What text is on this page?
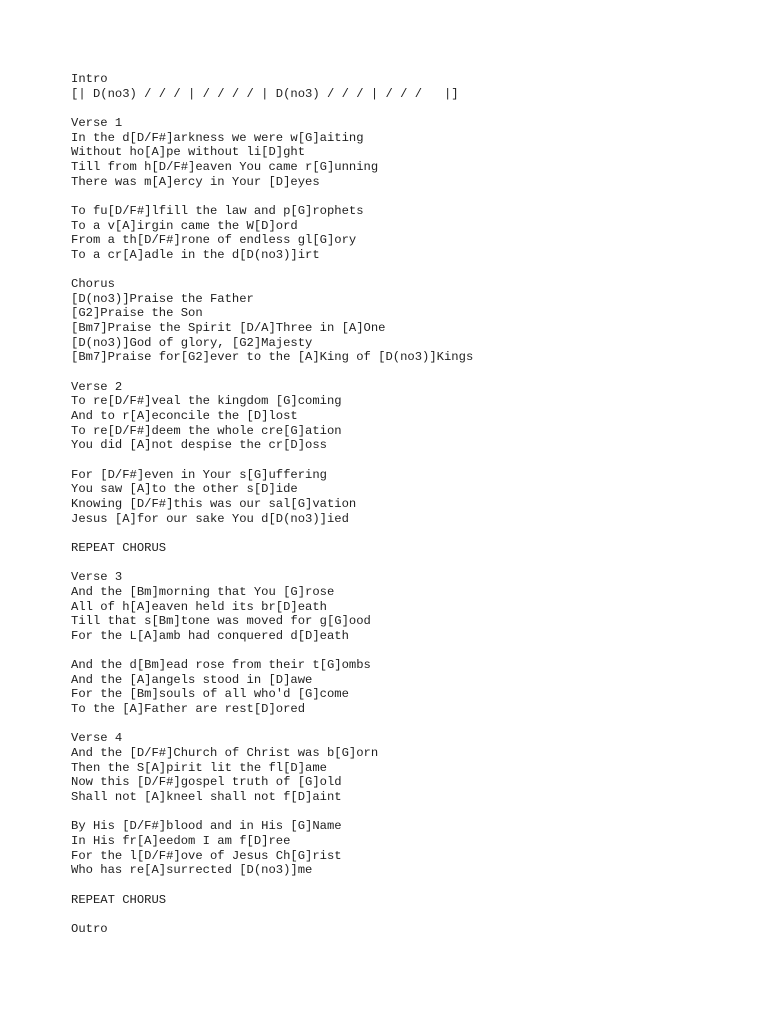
Intro
[| D(no3) / / / | / / / / | D(no3) / / / | / / /   |]
Verse 1
In the d[D/F#]arkness we were w[G]aiting
Without ho[A]pe without li[D]ght
Till from h[D/F#]eaven You came r[G]unning
There was m[A]ercy in Your [D]eyes
To fu[D/F#]lfill the law and p[G]rophets
To a v[A]irgin came the W[D]ord
From a th[D/F#]rone of endless gl[G]ory
To a cr[A]adle in the d[D(no3)]irt
Chorus
[D(no3)]Praise the Father
[G2]Praise the Son
[Bm7]Praise the Spirit [D/A]Three in [A]One
[D(no3)]God of glory, [G2]Majesty
[Bm7]Praise for[G2]ever to the [A]King of [D(no3)]Kings
Verse 2
To re[D/F#]veal the kingdom [G]coming
And to r[A]econcile the [D]lost
To re[D/F#]deem the whole cre[G]ation
You did [A]not despise the cr[D]oss
For [D/F#]even in Your s[G]uffering
You saw [A]to the other s[D]ide
Knowing [D/F#]this was our sal[G]vation
Jesus [A]for our sake You d[D(no3)]ied
REPEAT CHORUS
Verse 3
And the [Bm]morning that You [G]rose
All of h[A]eaven held its br[D]eath
Till that s[Bm]tone was moved for g[G]ood
For the L[A]amb had conquered d[D]eath
And the d[Bm]ead rose from their t[G]ombs
And the [A]angels stood in [D]awe
For the [Bm]souls of all who'd [G]come
To the [A]Father are rest[D]ored
Verse 4
And the [D/F#]Church of Christ was b[G]orn
Then the S[A]pirit lit the fl[D]ame
Now this [D/F#]gospel truth of [G]old
Shall not [A]kneel shall not f[D]aint
By His [D/F#]blood and in His [G]Name
In His fr[A]eedom I am f[D]ree
For the l[D/F#]ove of Jesus Ch[G]rist
Who has re[A]surrected [D(no3)]me
REPEAT CHORUS
Outro
